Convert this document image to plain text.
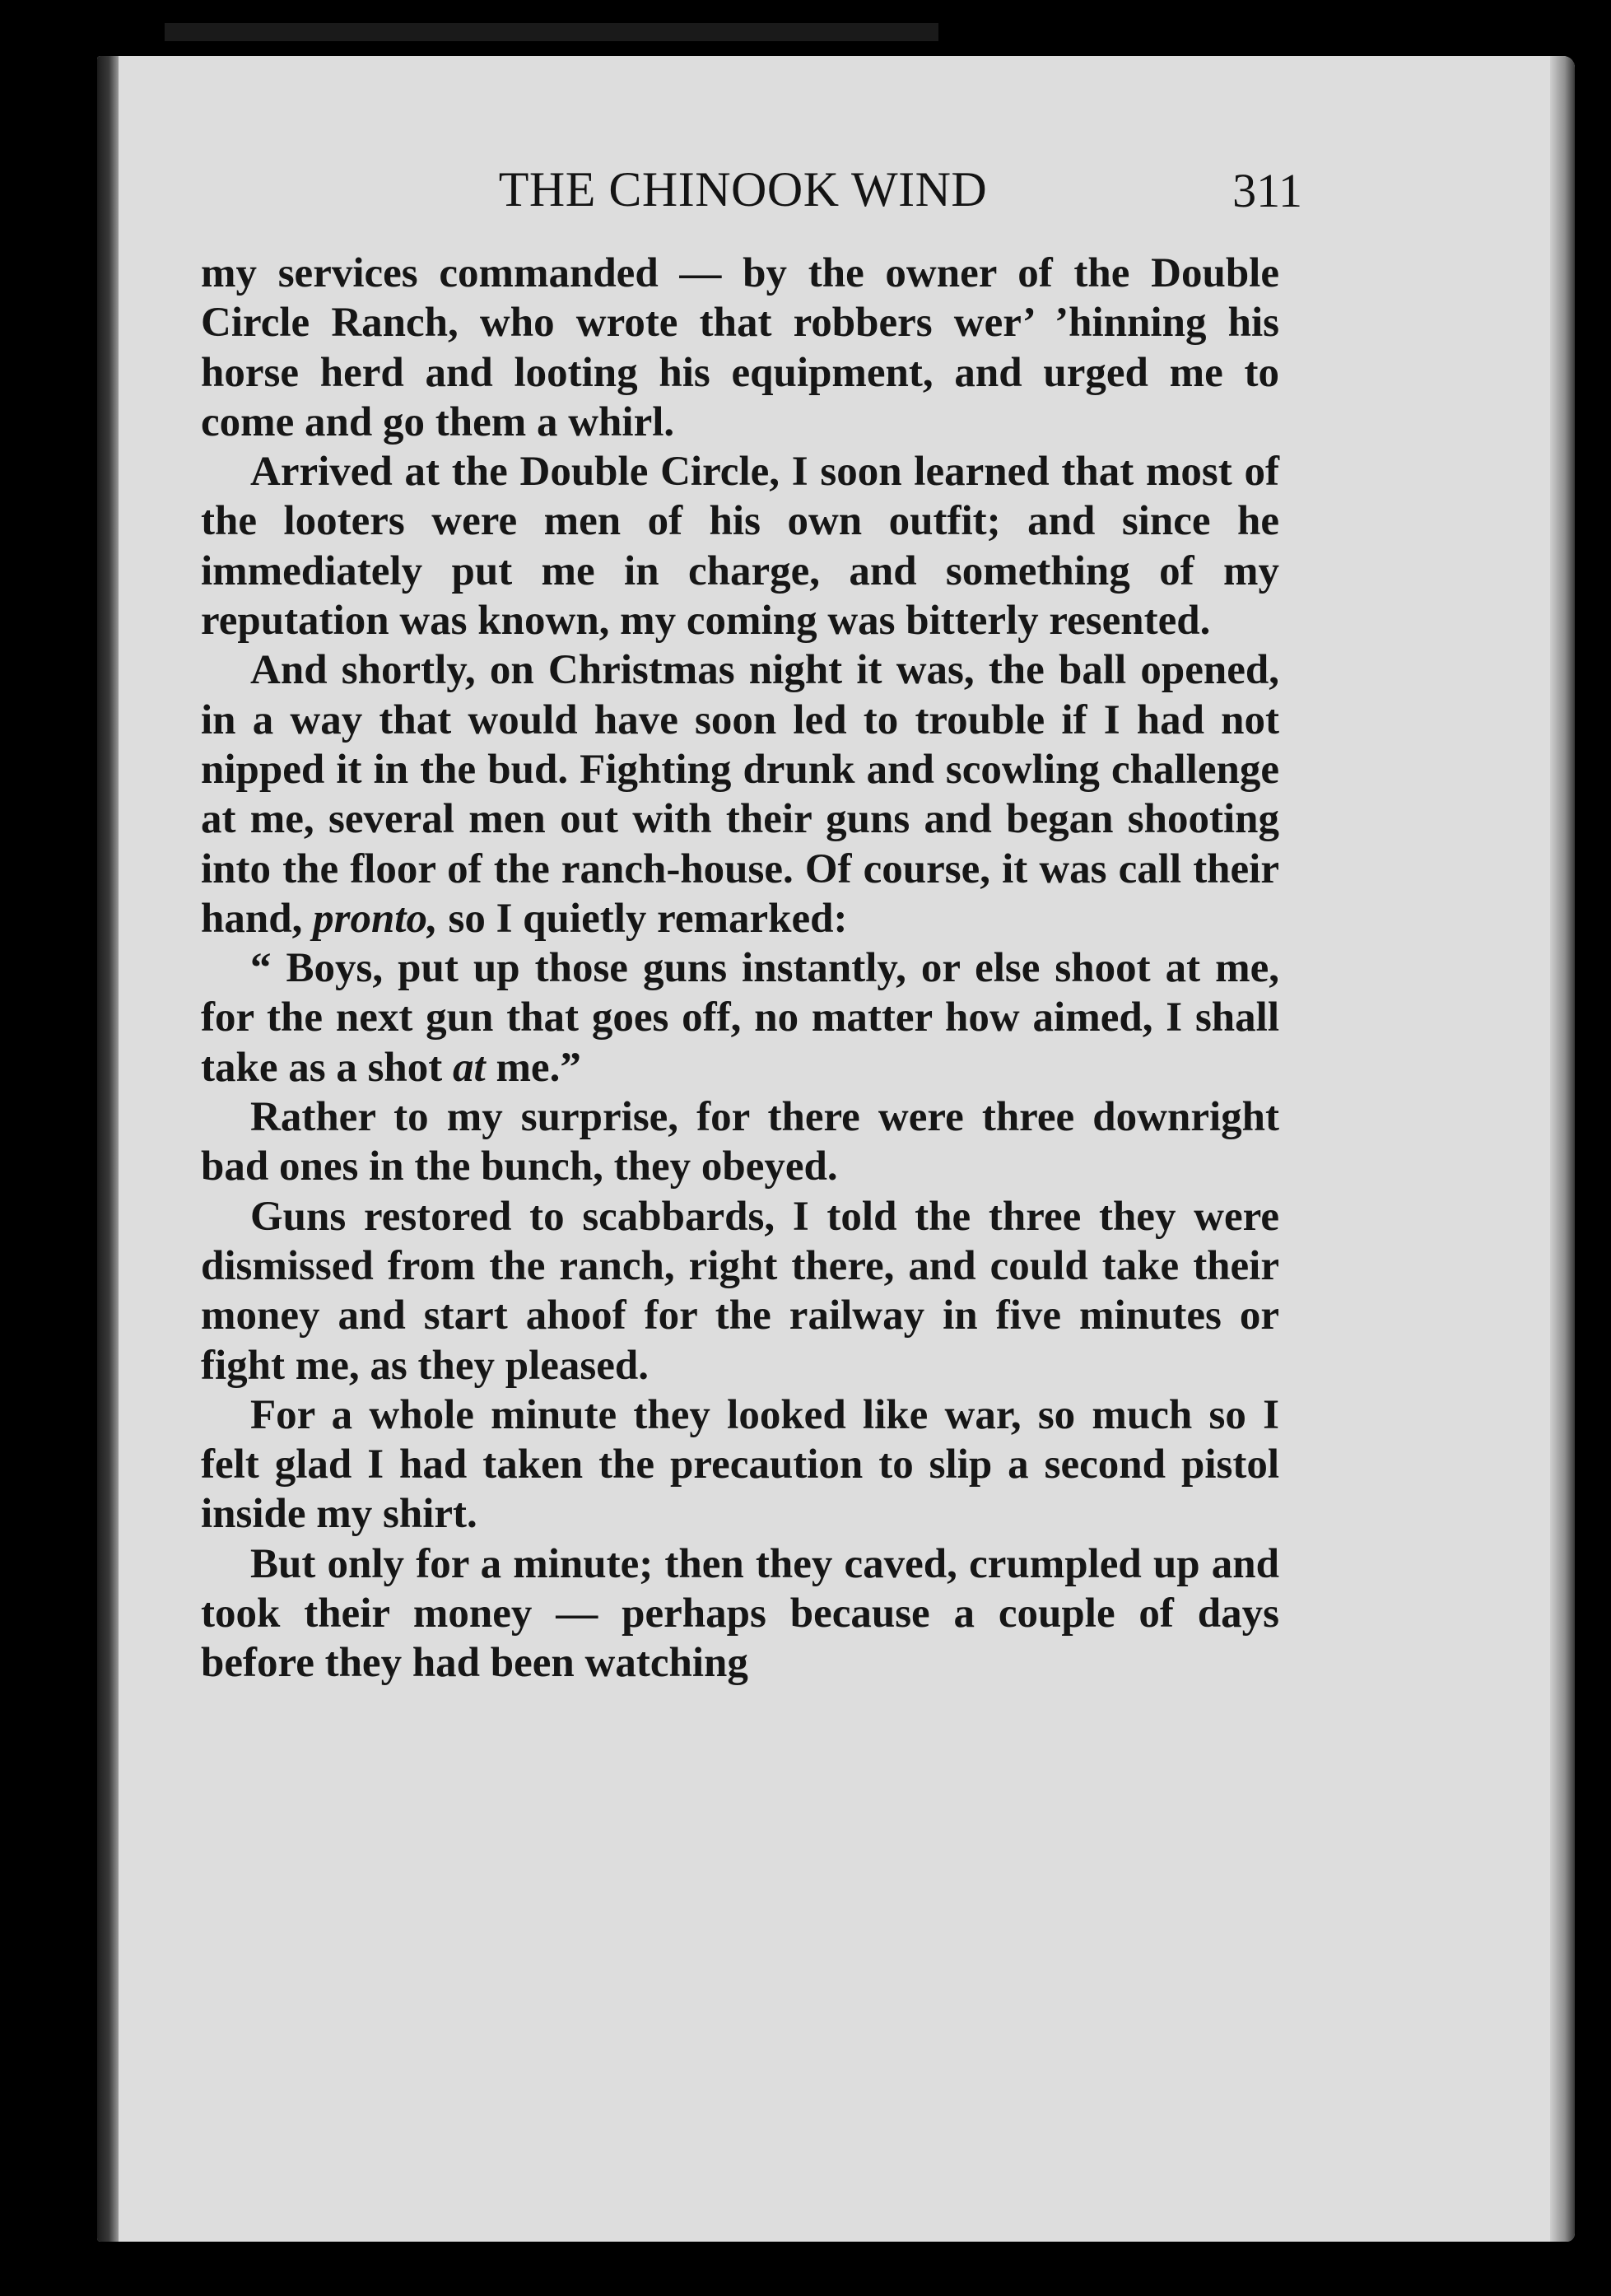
THE CHINOOK WIND	311

my services commanded — by the owner of the Double Circle Ranch, who wrote that robbers wer’ ’hinning his horse herd and looting his equipment, and urged me to come and go them a whirl.

Arrived at the Double Circle, I soon learned that most of the looters were men of his own outfit; and since he immediately put me in charge, and something of my reputation was known, my coming was bitterly resented.

And shortly, on Christmas night it was, the ball opened, in a way that would have soon led to trouble if I had not nipped it in the bud. Fighting drunk and scowling challenge at me, several men out with their guns and began shooting into the floor of the ranch-house. Of course, it was call their hand, pronto, so I quietly remarked:

“ Boys, put up those guns instantly, or else shoot at me, for the next gun that goes off, no matter how aimed, I shall take as a shot at me.”

Rather to my surprise, for there were three downright bad ones in the bunch, they obeyed.

Guns restored to scabbards, I told the three they were dismissed from the ranch, right there, and could take their money and start ahoof for the railway in five minutes or fight me, as they pleased.

For a whole minute they looked like war, so much so I felt glad I had taken the precaution to slip a second pistol inside my shirt.

But only for a minute; then they caved, crumpled up and took their money — perhaps because a couple of days before they had been watching
